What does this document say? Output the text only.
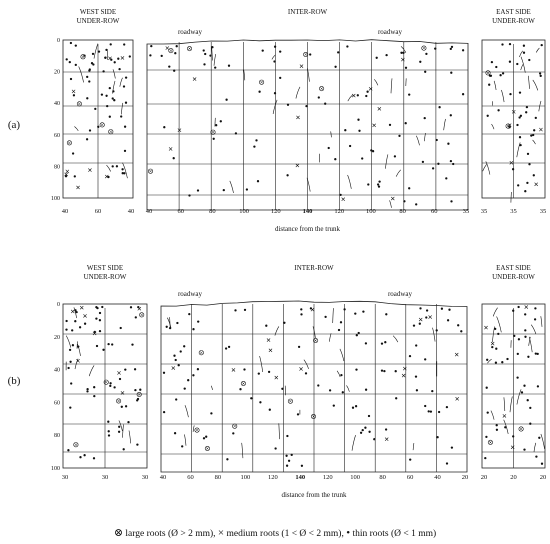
(a)
WEST SIDE
UNDER-ROW
INTER-ROW	EAST SIDE
UNDER-ROW
roadway	roadway
0
20
40
60
80
100
40	60	40 40	60	80	100	120	140	120	100	80	60	35 35	35	35
distance from the trunk
(b)
WEST SIDE
UNDER-ROW
INTER-ROW	EAST SIDE
UNDER-ROW
roadway	roadway
0
20
40
60
80
100
30	30	30 40	60	80	100	120	140	120	100	80	60	40	20 20	20	20
distance from the trunk
⊗ large roots (Ø > 2 mm), × medium roots (1 < Ø < 2 mm), • thin roots (Ø < 1 mm)
